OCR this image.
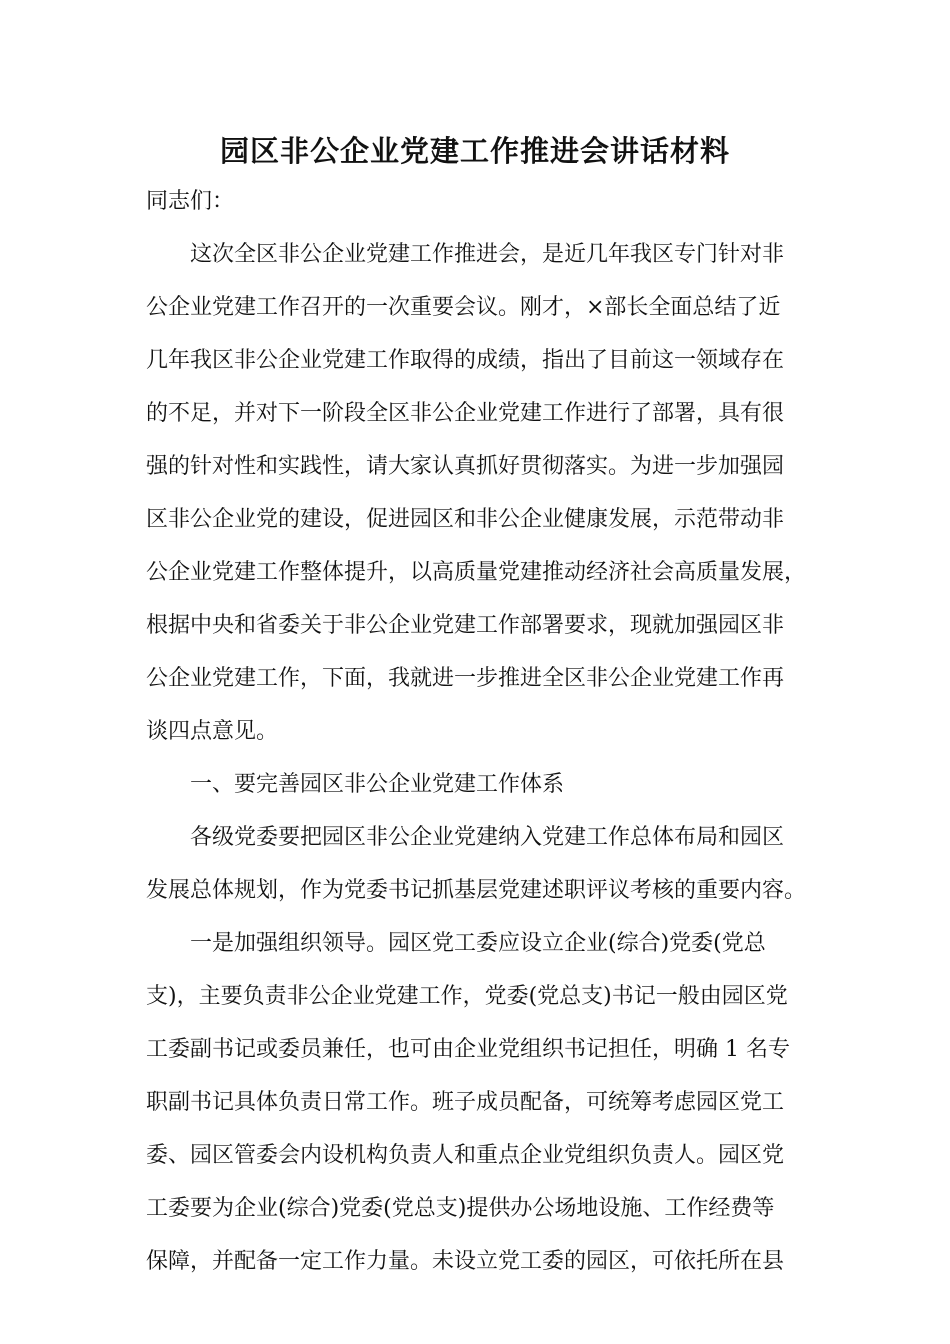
园区非公企业党建工作推进会讲话材料
同志们：
这次全区非公企业党建工作推进会，是近几年我区专门针对非
公企业党建工作召开的一次重要会议。刚才，×部长全面总结了近
几年我区非公企业党建工作取得的成绩，指出了目前这一领域存在
的不足，并对下一阶段全区非公企业党建工作进行了部署，具有很
强的针对性和实践性，请大家认真抓好贯彻落实。为进一步加强园
区非公企业党的建设，促进园区和非公企业健康发展，示范带动非
公企业党建工作整体提升，以高质量党建推动经济社会高质量发展，
根据中央和省委关于非公企业党建工作部署要求，现就加强园区非
公企业党建工作，下面，我就进一步推进全区非公企业党建工作再
谈四点意见。
一、要完善园区非公企业党建工作体系
各级党委要把园区非公企业党建纳入党建工作总体布局和园区
发展总体规划，作为党委书记抓基层党建述职评议考核的重要内容。
一是加强组织领导。园区党工委应设立企业(综合)党委(党总
支)，主要负责非公企业党建工作，党委(党总支)书记一般由园区党
工委副书记或委员兼任，也可由企业党组织书记担任，明确 1 名专
职副书记具体负责日常工作。班子成员配备，可统筹考虑园区党工
委、园区管委会内设机构负责人和重点企业党组织负责人。园区党
工委要为企业(综合)党委(党总支)提供办公场地设施、工作经费等
保障，并配备一定工作力量。未设立党工委的园区，可依托所在县
